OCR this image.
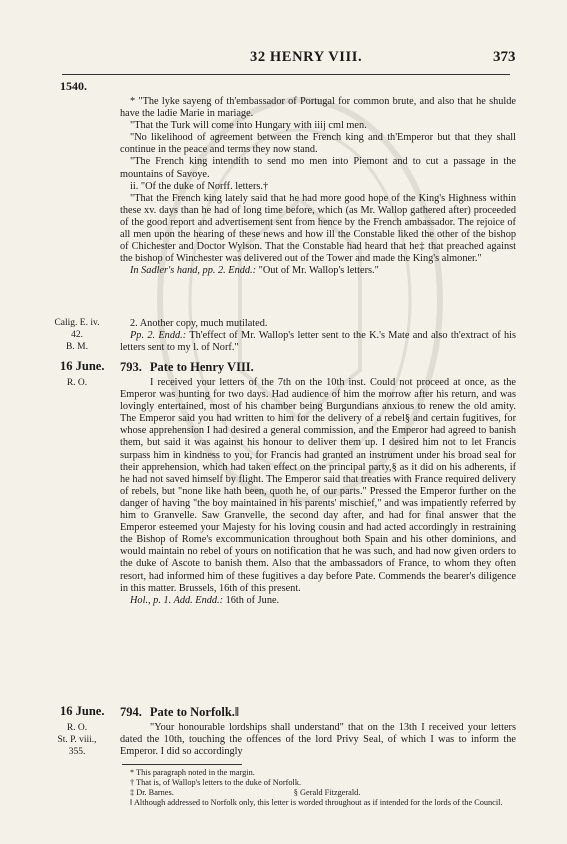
32 HENRY VIII.	373
1540.

* "The lyke sayeng of th'embassador of Portugal for common brute, and also that he shulde have the ladie Marie in mariage.

"That the Turk will come into Hungary with iiij cml men.

"No likelihood of agreement between the French king and th'Emperor but that they shall continue in the peace and terms they now stand.

"The French king intendith to send mo men into Piemont and to cut a passage in the mountains of Savoye.

ii. "Of the duke of Norff. letters.†

"That the French king lately said that he had more good hope of the King's Highness within these xv. days than he had of long time before, which (as Mr. Wallop gathered after) proceeded of the good report and advertisement sent from hence by the French ambassador. The rejoice of all men upon the hearing of these news and how ill the Constable liked the other of the bishop of Chichester and Doctor Wylson. That the Constable had heard that he‡ that preached against the bishop of Winchester was delivered out of the Tower and made the King's almoner."

In Sadler's hand, pp. 2. Endd.: "Out of Mr. Wallop's letters."

Calig. E. iv.
42.
B. M.

2. Another copy, much mutilated.

Pp. 2. Endd.: Th'effect of Mr. Wallop's letter sent to the K.'s Mate and also th'extract of his letters sent to my l. of Norf."

16 June.	793. Pate to Henry VIII.
R. O.	I received your letters of the 7th on the 10th inst. Could not proceed at once, as the Emperor was hunting for two days. Had audience of him the morrow after his return, and was lovingly entertained, most of his chamber being Burgundians anxious to renew the old amity. The Emperor said you had written to him for the delivery of a rebel§ and certain fugitives, for whose apprehension I had desired a general commission, and the Emperor had agreed to banish them, but said it was against his honour to deliver them up. I desired him not to let Francis surpass him in kindness to you, for Francis had granted an instrument under his broad seal for their apprehension, which had taken effect on the principal party,§ as it did on his adherents, if he had not saved himself by flight. The Emperor said that treaties with France required delivery of rebels, but "none like hath been, quoth he, of our parts." Pressed the Emperor further on the danger of having "the boy maintained in his parents' mischief," and was impatiently referred by him to Granvelle. Saw Granvelle, the second day after, and had for final answer that the Emperor esteemed your Majesty for his loving cousin and had acted accordingly in restraining the Bishop of Rome's excommunication throughout both Spain and his other dominions, and would maintain no rebel of yours on notification that he was such, and had now given orders to the duke of Ascote to banish them. Also that the ambassadors of France, to whom they often resort, had informed him of these fugitives a day before Pate. Commends the bearer's diligence in this matter. Brussels, 16th of this present.

Hol., p. 1. Add. Endd.: 16th of June.

16 June.	794. Pate to Norfolk.‖
R. O.
St. P. viii.,
355.

"Your honourable lordships shall understand" that on the 13th I received your letters dated the 10th, touching the offences of the lord Privy Seal, of which I was to inform the Emperor. I did so accordingly

* This paragraph noted in the margin.

† That is, of Wallop's letters to the duke of Norfolk.

‡ Dr. Barnes.	§ Gerald Fitzgerald.

‖ Although addressed to Norfolk only, this letter is worded throughout as if intended for the lords of the Council.
